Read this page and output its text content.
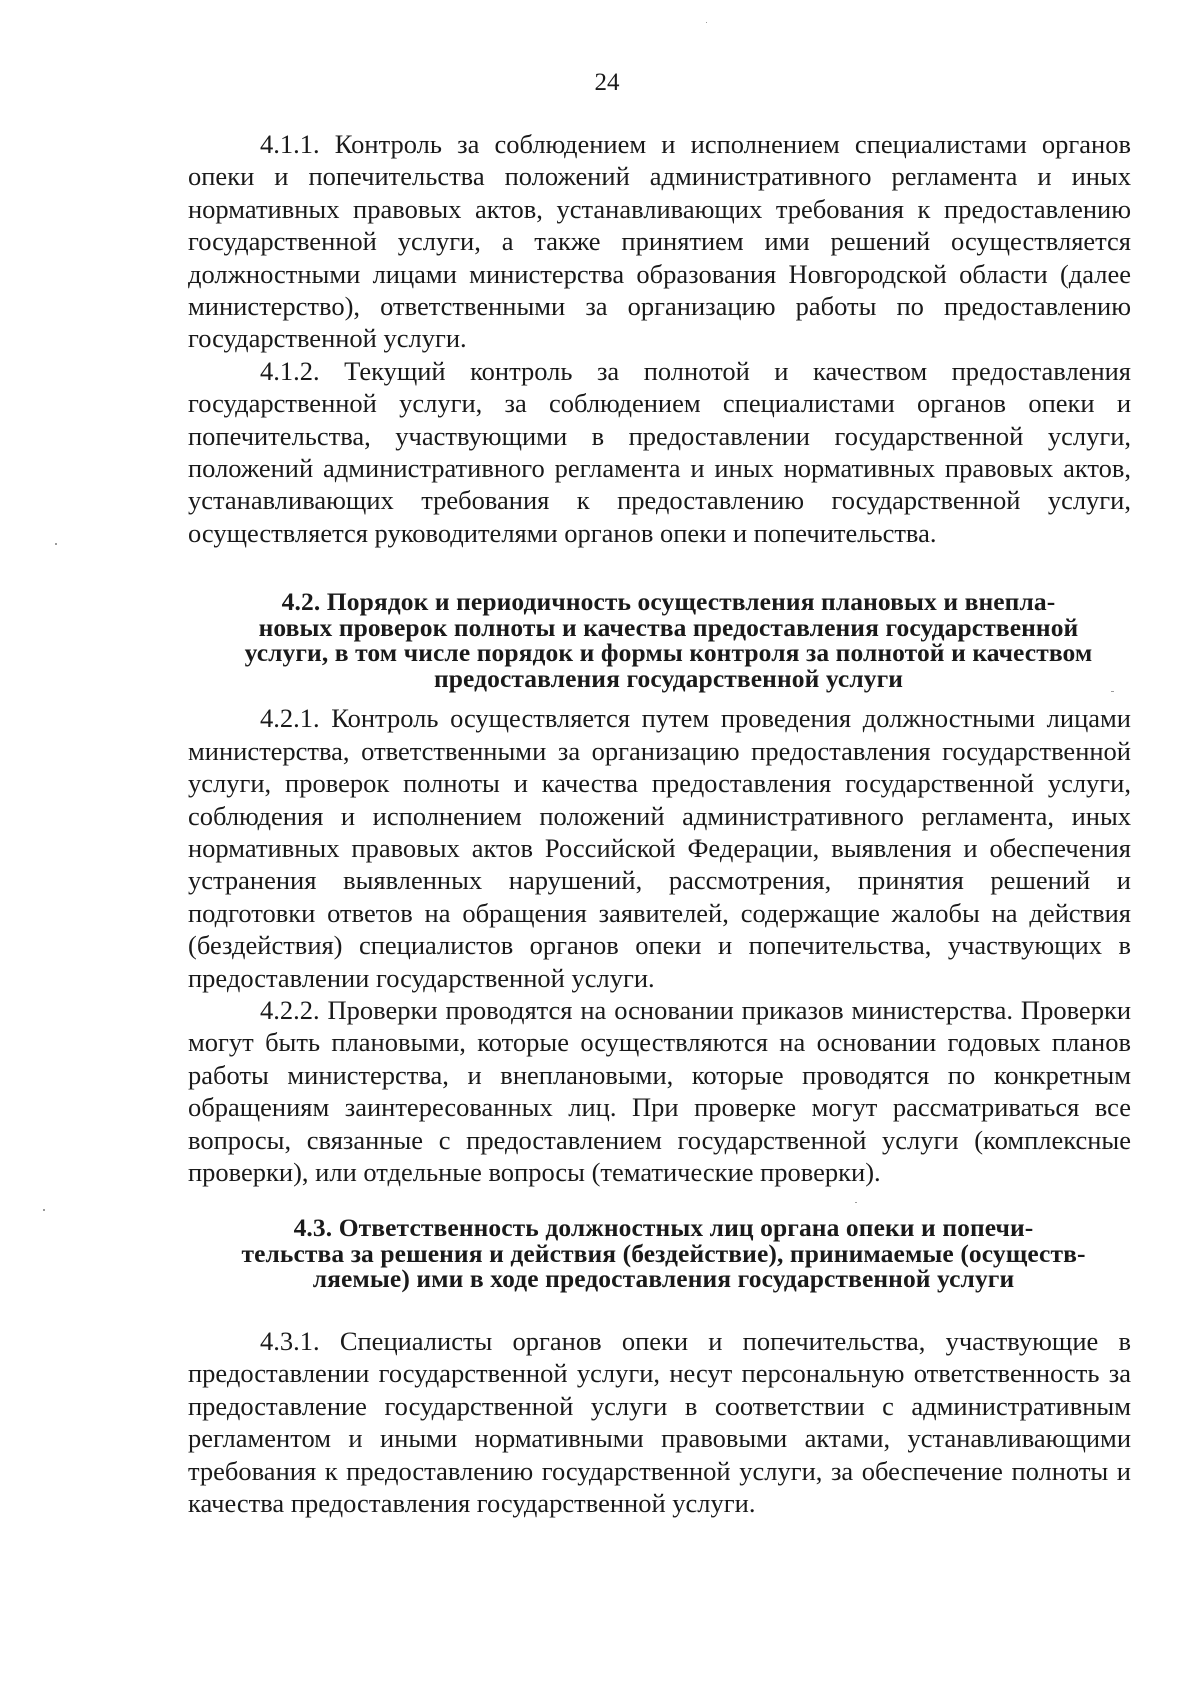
24

4.1.1. Контроль за соблюдением и исполнением специалистами органов опеки и попечительства положений административного регламента и иных нормативных правовых актов, устанавливающих требования к предоставлению государственной услуги, а также принятием ими решений осуществляется должностными лицами министерства образования Новгородской области (далее министерство), ответственными за организацию работы по предоставлению государственной услуги.

4.1.2. Текущий контроль за полнотой и качеством предоставления государственной услуги, за соблюдением специалистами органов опеки и попечительства, участвующими в предоставлении государственной услуги, положений административного регламента и иных нормативных правовых актов, устанавливающих требования к предоставлению государственной услуги, осуществляется руководителями органов опеки и попечительства.

4.2. Порядок и периодичность осуществления плановых и внепла-
новых проверок полноты и качества предоставления государственной
услуги, в том числе порядок и формы контроля за полнотой и качеством
предоставления государственной услуги

4.2.1. Контроль осуществляется путем проведения должностными лицами министерства, ответственными за организацию предоставления государственной услуги, проверок полноты и качества предоставления государственной услуги, соблюдения и исполнением положений административного регламента, иных нормативных правовых актов Российской Федерации, выявления и обеспечения устранения выявленных нарушений, рассмотрения, принятия решений и подготовки ответов на обращения заявителей, содержащие жалобы на действия (бездействия) специалистов органов опеки и попечительства, участвующих в предоставлении государственной услуги.

4.2.2. Проверки проводятся на основании приказов министерства. Проверки могут быть плановыми, которые осуществляются на основании годовых планов работы министерства, и внеплановыми, которые проводятся по конкретным обращениям заинтересованных лиц. При проверке могут рассматриваться все вопросы, связанные с предоставлением государственной услуги (комплексные проверки), или отдельные вопросы (тематические проверки).

4.3. Ответственность должностных лиц органа опеки и попечи-
тельства за решения и действия (бездействие), принимаемые (осуществ-
ляемые) ими в ходе предоставления государственной услуги

4.3.1. Специалисты органов опеки и попечительства, участвующие в предоставлении государственной услуги, несут персональную ответственность за предоставление государственной услуги в соответствии с административным регламентом и иными нормативными правовыми актами, устанавливающими требования к предоставлению государственной услуги, за обеспечение полноты и качества предоставления государственной услуги.
